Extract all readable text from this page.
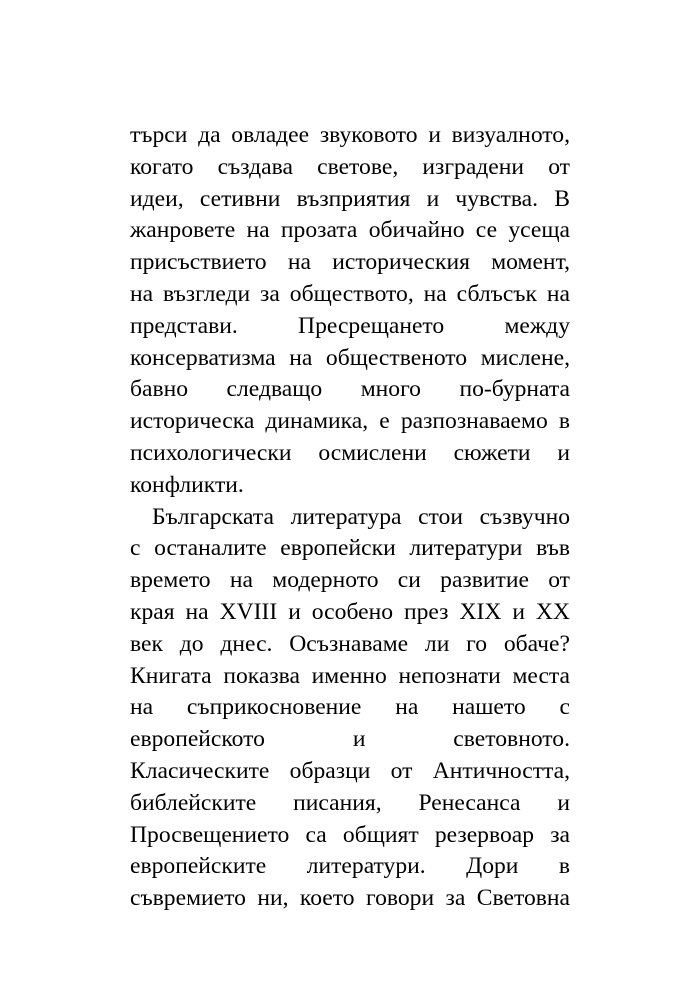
търси да овладее звуковото и визуалното,
когато създава светове, изградени от
идеи, сетивни възприятия и чувства. В
жанровете на прозата обичайно се усеща
присъствието на историческия момент,
на възгледи за обществото, на сблъсък на
представи. Пресрещането между
консерватизма на общественото мислене,
бавно следващо много по-бурната
историческа динамика, е разпознаваемо в
психологически осмислени сюжети и
конфликти.
Българската литература стои съзвучно
с останалите европейски литератури във
времето на модерното си развитие от
края на XVIII и особено през XIX и XX
век до днес. Осъзнаваме ли го обаче?
Книгата показва именно непознати места
на съприкосновение на нашето с
европейското и световното.
Класическите образци от Античността,
библейските писания, Ренесанса и
Просвещението са общият резервоар за
европейските литератури. Дори в
съвремието ни, което говори за Световна
